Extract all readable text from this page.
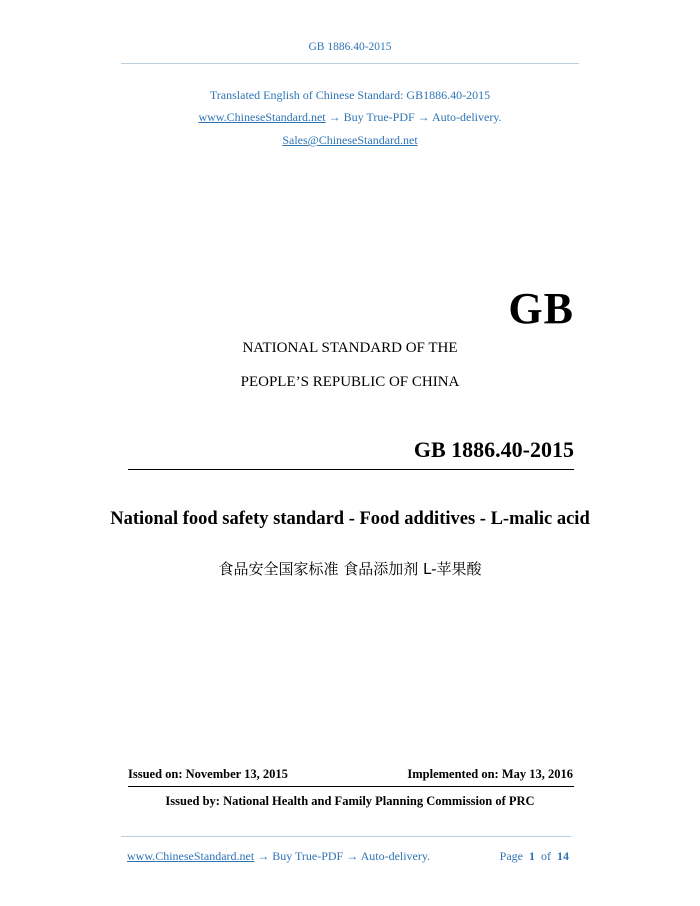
GB 1886.40-2015
Translated English of Chinese Standard: GB1886.40-2015
www.ChineseStandard.net → Buy True-PDF → Auto-delivery.
Sales@ChineseStandard.net
GB
NATIONAL STANDARD OF THE
PEOPLE’S REPUBLIC OF CHINA
GB 1886.40-2015
National food safety standard - Food additives - L-malic acid
食品安全国家标准 食品添加剂 L-苹果酸
Issued on: November 13, 2015	Implemented on: May 13, 2016
Issued by: National Health and Family Planning Commission of PRC
www.ChineseStandard.net → Buy True-PDF → Auto-delivery.	Page 1 of 14
